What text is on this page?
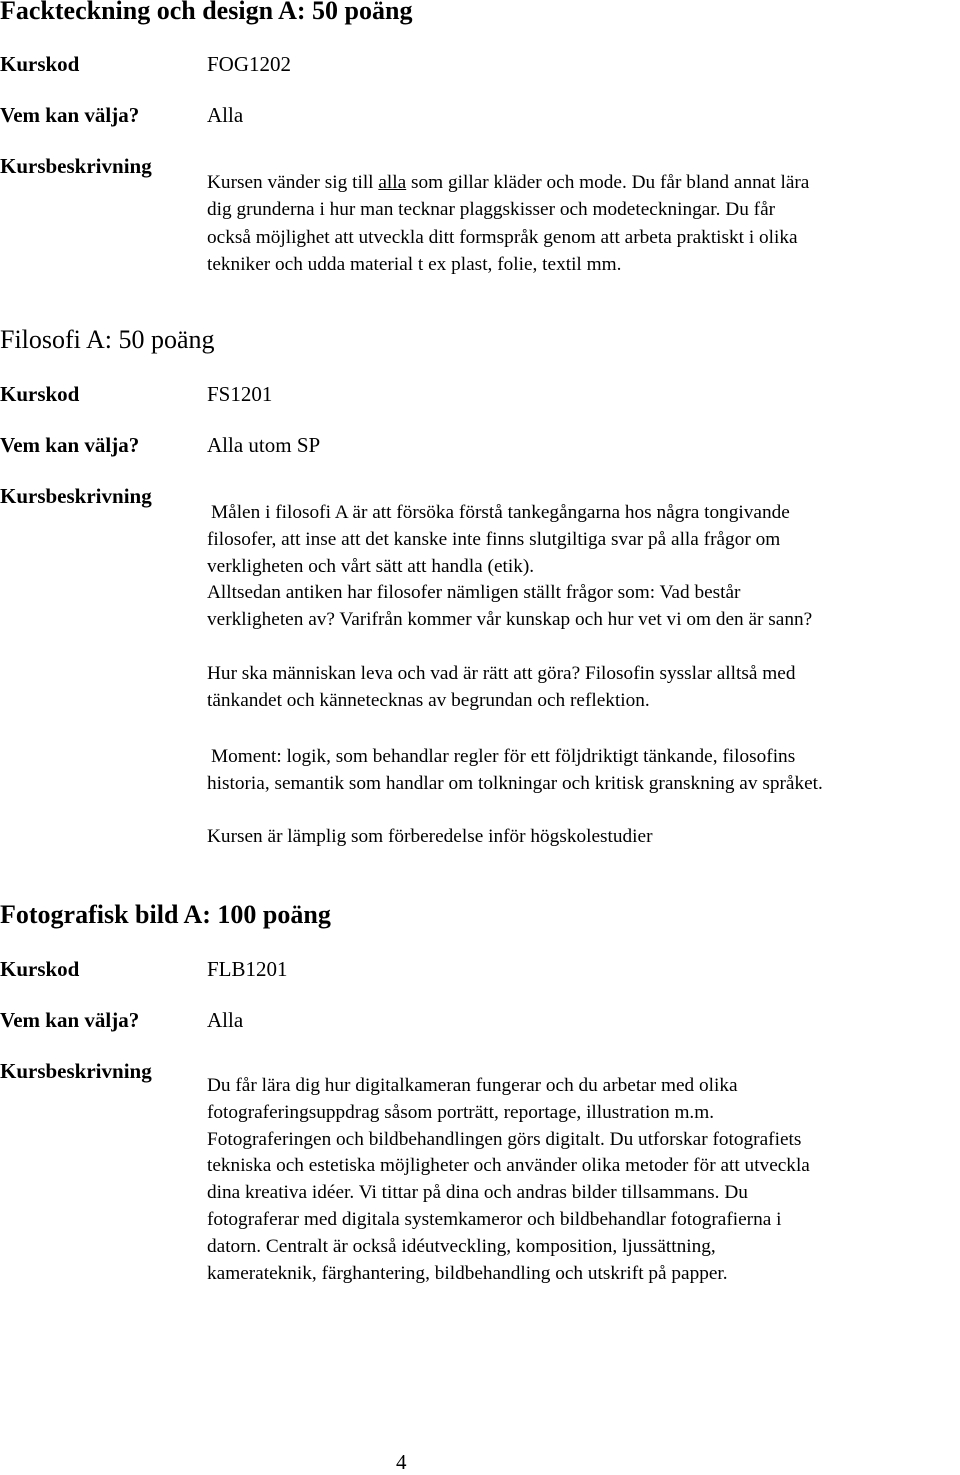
Fackteckning och design A: 50 poäng
Kurskod	FOG1202
Vem kan välja?	Alla
Kursbeskrivning
Kursen vänder sig till alla som gillar kläder och mode. Du får bland annat lära
dig grunderna i hur man tecknar plaggskisser och modeteckningar. Du får
också möjlighet att utveckla ditt formspråk genom att arbeta praktiskt i olika
tekniker och udda material t ex plast, folie, textil mm.
Filosofi A: 50 poäng
Kurskod	FS1201
Vem kan välja?	Alla utom SP
Kursbeskrivning
Målen i filosofi A är att försöka förstå tankegångarna hos några tongivande
filosofer, att inse att det kanske inte finns slutgiltiga svar på alla frågor om
verkligheten och vårt sätt att handla (etik).
Alltsedan antiken har filosofer nämligen ställt frågor som: Vad består
verkligheten av? Varifrån kommer vår kunskap och hur vet vi om den är sann?
Hur ska människan leva och vad är rätt att göra? Filosofin sysslar alltså med
tänkandet och kännetecknas av begrundan och reflektion.
Moment: logik, som behandlar regler för ett följdriktigt tänkande, filosofins
historia, semantik som handlar om tolkningar och kritisk granskning av språket.
Kursen är lämplig som förberedelse inför högskolestudier
Fotografisk bild A: 100 poäng
Kurskod	FLB1201
Vem kan välja?	Alla
Kursbeskrivning
Du får lära dig hur digitalkameran fungerar och du arbetar med olika
fotograferingsuppdrag såsom porträtt, reportage, illustration m.m.
Fotograferingen och bildbehandlingen görs digitalt. Du utforskar fotografiets
tekniska och estetiska möjligheter och använder olika metoder för att utveckla
dina kreativa idéer. Vi tittar på dina och andras bilder tillsammans. Du
fotograferar med digitala systemkameror och bildbehandlar fotografierna i
datorn. Centralt är också idéutveckling, komposition, ljussättning,
kamerateknik, färghantering, bildbehandling och utskrift på papper.
4
